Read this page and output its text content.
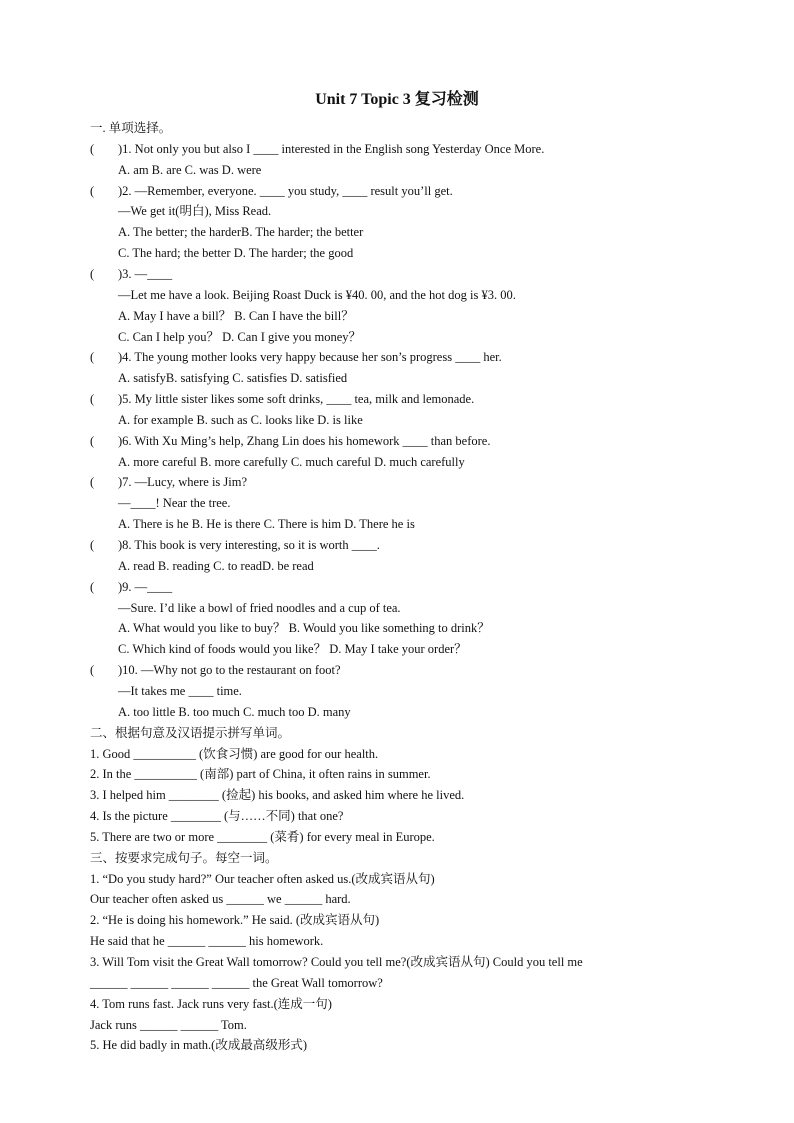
Unit 7 Topic 3 复习检测
一. 单项选择。
( )1. Not only you but also I ____ interested in the English song Yesterday Once More.
A. am B. are C. was D. were
( )2. —Remember, everyone. ____ you study, ____ result you’ll get.
—We get it(明白), Miss Read.
A. The better; the harderB. The harder; the better
C. The hard; the better D. The harder; the good
( )3. —____
—Let me have a look. Beijing Roast Duck is ¥40. 00, and the hot dog is ¥3. 00.
A. May I have a bill？ B. Can I have the bill？
C. Can I help you？ D. Can I give you money？
( )4. The young mother looks very happy because her son’s progress ____ her.
A. satisfyB. satisfying C. satisfies D. satisfied
( )5. My little sister likes some soft drinks, ____ tea, milk and lemonade.
A. for example B. such as C. looks like D. is like
( )6. With Xu Ming’s help, Zhang Lin does his homework ____ than before.
A. more careful B. more carefully C. much careful D. much carefully
( )7. —Lucy, where is Jim?
—____! Near the tree.
A. There is he B. He is there C. There is him D. There he is
( )8. This book is very interesting, so it is worth ____.
A. read B. reading C. to readD. be read
( )9. —____
—Sure. I’d like a bowl of fried noodles and a cup of tea.
A. What would you like to buy？ B. Would you like something to drink？
C. Which kind of foods would you like？ D. May I take your order？
( )10. —Why not go to the restaurant on foot?
—It takes me ____ time.
A. too little B. too much C. much too D. many
二、根据句意及汉语提示拼写单词。
1. Good __________ (饮食习惯) are good for our health.
2. In the __________ (南部) part of China, it often rains in summer.
3. I helped him ________ (捡起) his books, and asked him where he lived.
4. Is the picture ________ (与……不同) that one?
5. There are two or more ________ (菜肴) for every meal in Europe.
三、按要求完成句子。每空一词。
1. “Do you study hard?” Our teacher often asked us.(改成宾语从句)
Our teacher often asked us ______ we ______ hard.
2. “He is doing his homework.” He said. (改成宾语从句)
He said that he ______ ______ his homework.
3. Will Tom visit the Great Wall tomorrow? Could you tell me?(改成宾语从句) Could you tell me
______ ______ ______ ______ the Great Wall tomorrow?
4. Tom runs fast. Jack runs very fast.(连成一句)
Jack runs ______ ______ Tom.
5. He did badly in math.(改成最高级形式)
